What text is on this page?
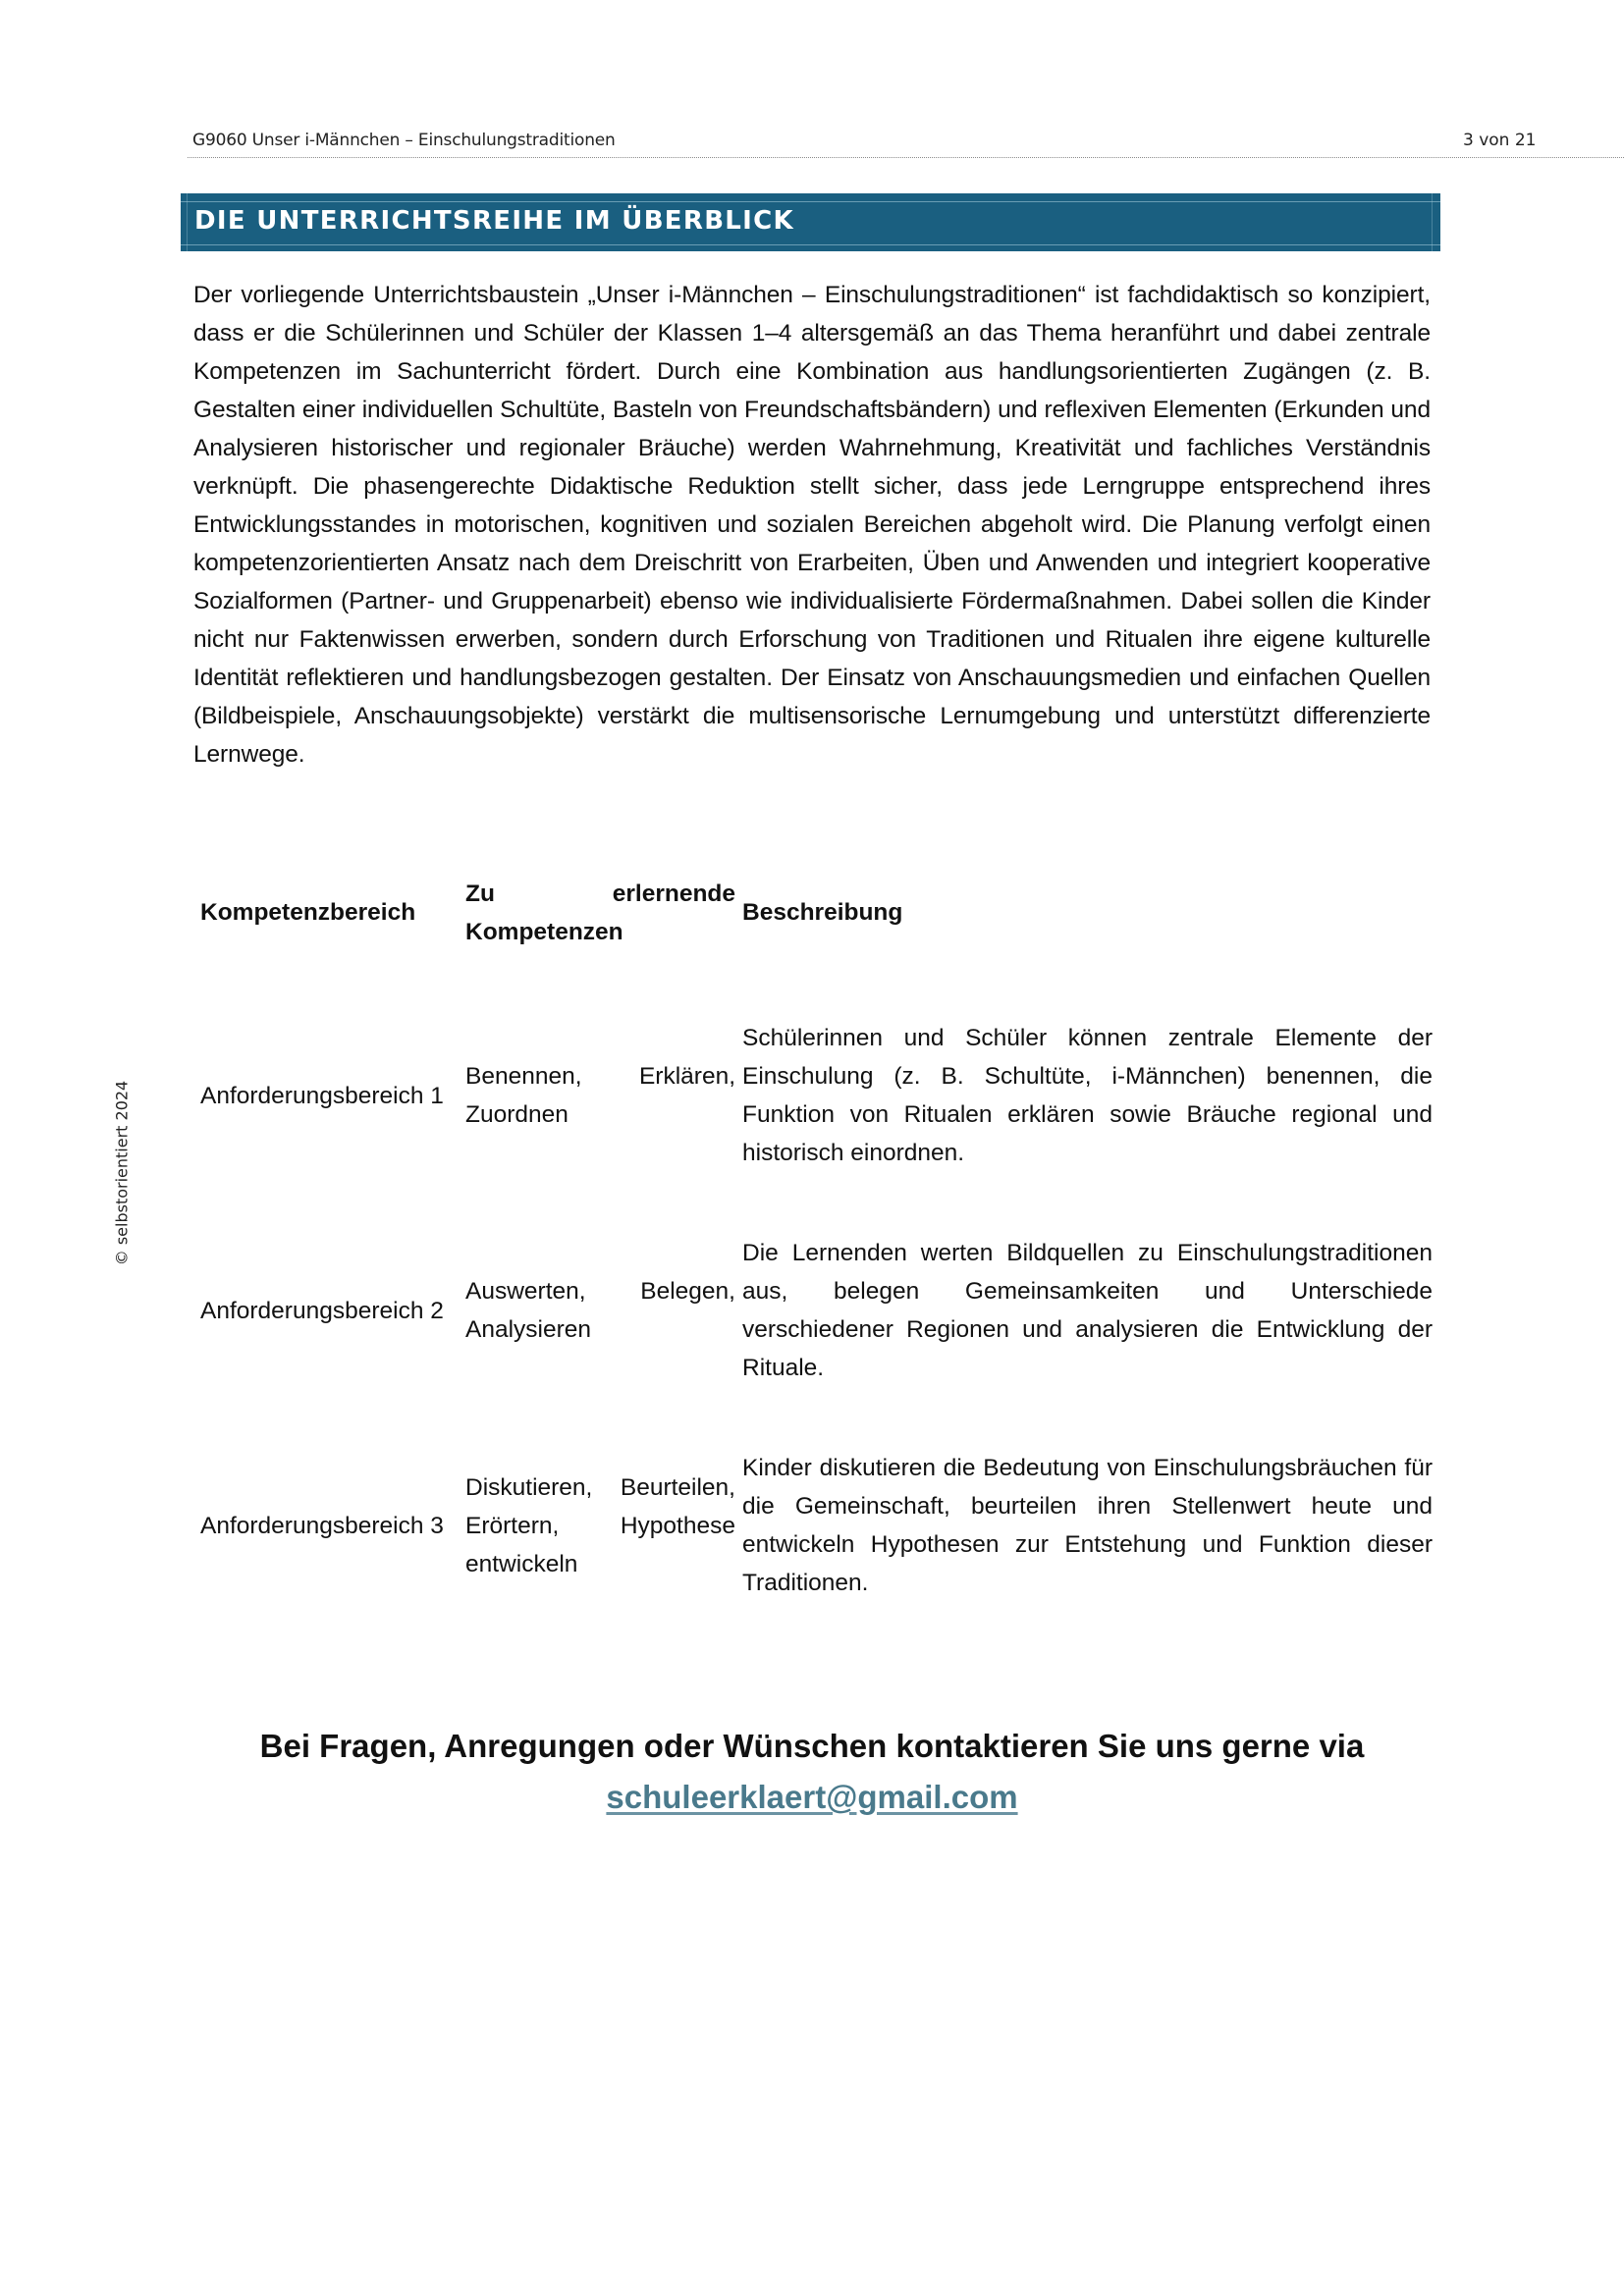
G9060 Unser i-Männchen – Einschulungstraditionen	3 von 21
© selbstorientiert 2024
DIE UNTERRICHTSREIHE IM ÜBERBLICK

Der vorliegende Unterrichtsbaustein „Unser i-Männchen – Einschulungstraditionen“ ist fachdidaktisch so konzipiert, dass er die Schülerinnen und Schüler der Klassen 1–4 altersgemäß an das Thema heranführt und dabei zentrale Kompetenzen im Sachunterricht fördert. Durch eine Kombination aus handlungsorientierten Zugängen (z. B. Gestalten einer individuellen Schultüte, Basteln von Freundschaftsbändern) und reflexiven Elementen (Erkunden und Analysieren historischer und regionaler Bräuche) werden Wahrnehmung, Kreativität und fachliches Verständnis verknüpft. Die phasengerechte Didaktische Reduktion stellt sicher, dass jede Lerngruppe entsprechend ihres Entwicklungsstandes in motorischen, kognitiven und sozialen Bereichen abgeholt wird. Die Planung verfolgt einen kompetenzorientierten Ansatz nach dem Dreischritt von Erarbeiten, Üben und Anwenden und integriert kooperative Sozialformen (Partner- und Gruppenarbeit) ebenso wie individualisierte Fördermaßnahmen. Dabei sollen die Kinder nicht nur Faktenwissen erwerben, sondern durch Erforschung von Traditionen und Ritualen ihre eigene kulturelle Identität reflektieren und handlungsbezogen gestalten. Der Einsatz von Anschauungsmedien und einfachen Quellen (Bildbeispiele, Anschauungsobjekte) verstärkt die multisensorische Lernumgebung und unterstützt differenzierte Lernwege.

Kompetenzbereich	Zu erlernende Kompetenzen	Beschreibung

Anforderungsbereich 1	Benennen, Erklären, Zuordnen	Schülerinnen und Schüler können zentrale Elemente der Einschulung (z. B. Schultüte, i-Männchen) benennen, die Funktion von Ritualen erklären sowie Bräuche regional und historisch einordnen.

Anforderungsbereich 2	Auswerten, Belegen, Analysieren	Die Lernenden werten Bildquellen zu Einschulungstraditionen aus, belegen Gemeinsamkeiten und Unterschiede verschiedener Regionen und analysieren die Entwicklung der Rituale.

Anforderungsbereich 3	Diskutieren, Beurteilen, Erörtern, Hypothese entwickeln	Kinder diskutieren die Bedeutung von Einschulungsbräuchen für die Gemeinschaft, beurteilen ihren Stellenwert heute und entwickeln Hypothesen zur Entstehung und Funktion dieser Traditionen.
Bei Fragen, Anregungen oder Wünschen kontaktieren Sie uns gerne via
schuleerklaert@gmail.com
